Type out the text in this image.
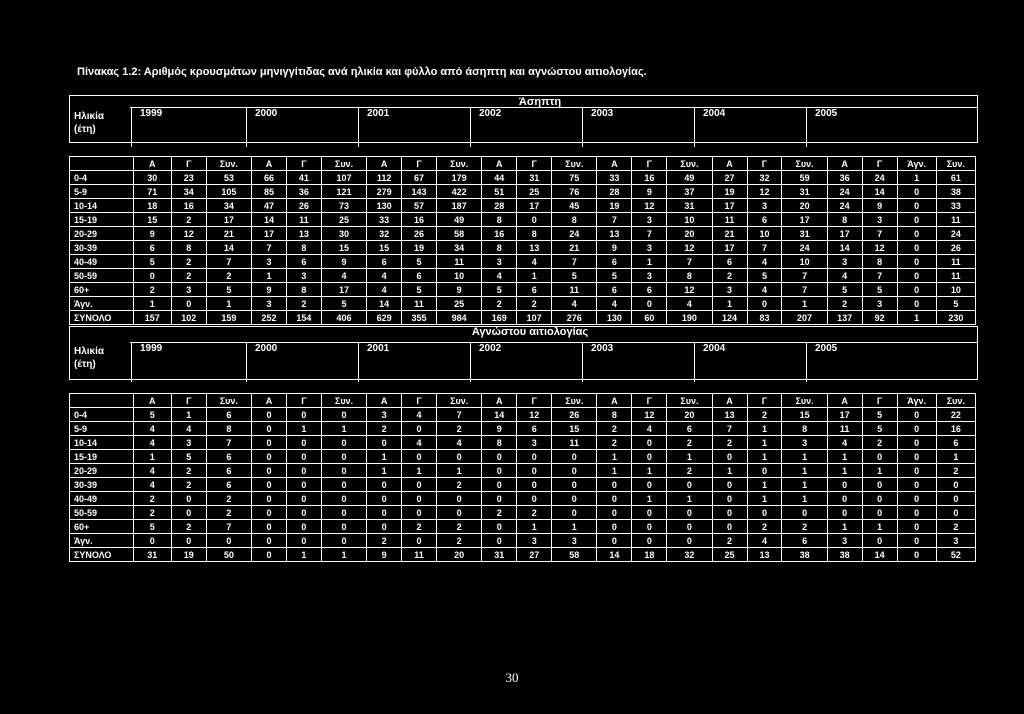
Πίνακας 1.2: Αριθμός κρουσμάτων μηνιγγίτιδας ανά ηλικία και φύλλο από άσηπτη και αγνώστου αιτιολογίας.
Άσηπτη
Ηλικία (έτη)
1999	2000	2001	2002	2003	2004	2005
	Α	Γ	Συν.	Α	Γ	Συν.	Α	Γ	Συν.	Α	Γ	Συν.	Α	Γ	Συν.	Α	Γ	Συν.	Α	Γ	Άγν.	Συν.
0-4	30	23	53	66	41	107	112	67	179	44	31	75	33	16	49	27	32	59	36	24	1	61
5-9	71	34	105	85	36	121	279	143	422	51	25	76	28	9	37	19	12	31	24	14	0	38
10-14	18	16	34	47	26	73	130	57	187	28	17	45	19	12	31	17	3	20	24	9	0	33
15-19	15	2	17	14	11	25	33	16	49	8	0	8	7	3	10	11	6	17	8	3	0	11
20-29	9	12	21	17	13	30	32	26	58	16	8	24	13	7	20	21	10	31	17	7	0	24
30-39	6	8	14	7	8	15	15	19	34	8	13	21	9	3	12	17	7	24	14	12	0	26
40-49	5	2	7	3	6	9	6	5	11	3	4	7	6	1	7	6	4	10	3	8	0	11
50-59	0	2	2	1	3	4	4	6	10	4	1	5	5	3	8	2	5	7	4	7	0	11
60+	2	3	5	9	8	17	4	5	9	5	6	11	6	6	12	3	4	7	5	5	0	10
Άγν.	1	0	1	3	2	5	14	11	25	2	2	4	4	0	4	1	0	1	2	3	0	5
ΣΥΝΟΛΟ	157	102	159	252	154	406	629	355	984	169	107	276	130	60	190	124	83	207	137	92	1	230
Αγνώστου αιτιολογίας
Ηλικία (έτη)
1999	2000	2001	2002	2003	2004	2005
	Α	Γ	Συν.	Α	Γ	Συν.	Α	Γ	Συν.	Α	Γ	Συν.	Α	Γ	Συν.	Α	Γ	Συν.	Α	Γ	Άγν.	Συν.
0-4	5	1	6	0	0	0	3	4	7	14	12	26	8	12	20	13	2	15	17	5	0	22
5-9	4	4	8	0	1	1	2	0	2	9	6	15	2	4	6	7	1	8	11	5	0	16
10-14	4	3	7	0	0	0	0	4	4	8	3	11	2	0	2	2	1	3	4	2	0	6
15-19	1	5	6	0	0	0	1	0	0	0	0	0	1	0	1	0	1	1	1	0	0	1
20-29	4	2	6	0	0	0	1	1	1	0	0	0	1	1	2	1	0	1	1	1	0	2
30-39	4	2	6	0	0	0	0	0	2	0	0	0	0	0	0	0	1	1	0	0	0	0
40-49	2	0	2	0	0	0	0	0	0	0	0	0	0	1	1	0	1	1	0	0	0	0
50-59	2	0	2	0	0	0	0	0	0	2	2	0	0	0	0	0	0	0	0	0	0	0
60+	5	2	7	0	0	0	0	2	2	0	1	1	0	0	0	0	2	2	1	1	0	2
Άγν.	0	0	0	0	0	0	2	0	2	0	3	3	0	0	0	2	4	6	3	0	0	3
ΣΥΝΟΛΟ	31	19	50	0	1	1	9	11	20	31	27	58	14	18	32	25	13	38	38	14	0	52
30
